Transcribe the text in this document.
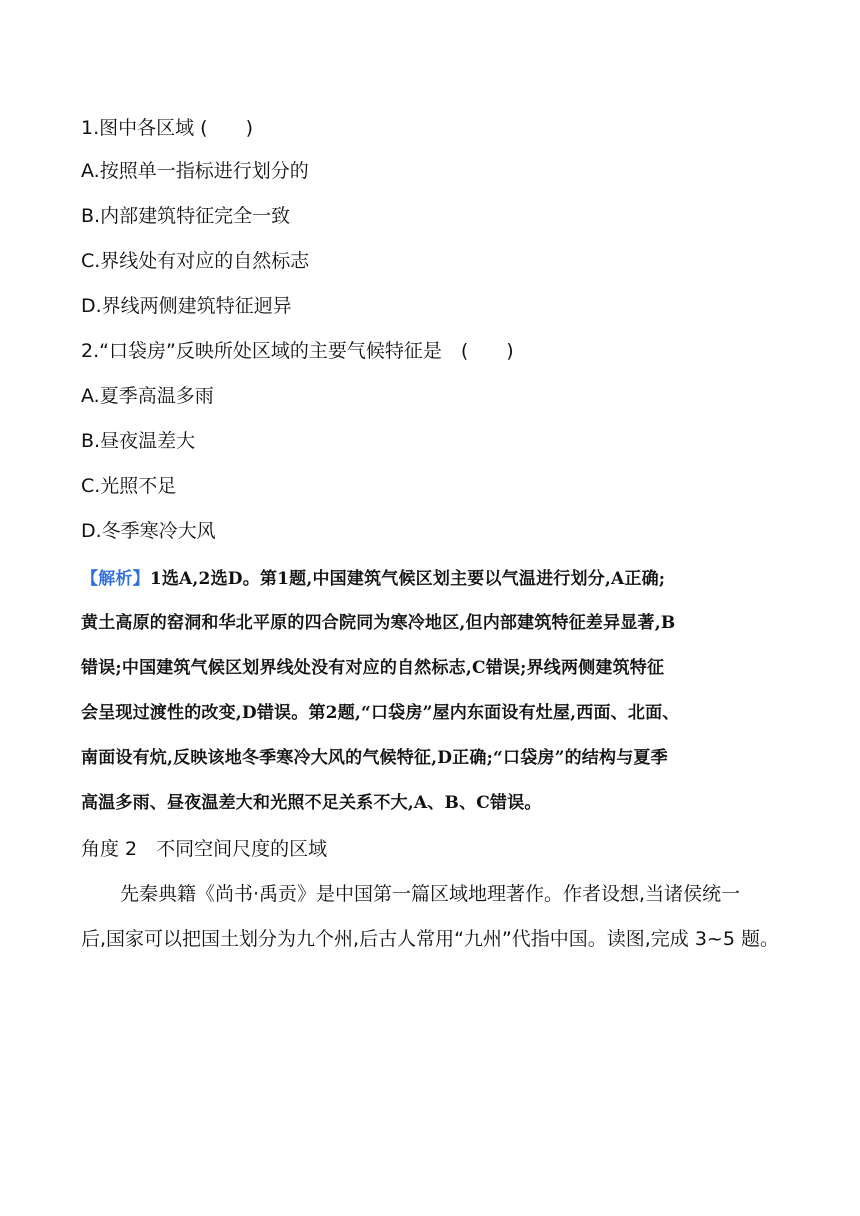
1.图中各区域 (　　)
A.按照单一指标进行划分的
B.内部建筑特征完全一致
C.界线处有对应的自然标志
D.界线两侧建筑特征迥异
2.“口袋房”反映所处区域的主要气候特征是　(　　)
A.夏季高温多雨
B.昼夜温差大
C.光照不足
D.冬季寒冷大风
【解析】1选A,2选D。第1题,中国建筑气候区划主要以气温进行划分,A正确;
黄土高原的窑洞和华北平原的四合院同为寒冷地区,但内部建筑特征差异显著,B
错误;中国建筑气候区划界线处没有对应的自然标志,C错误;界线两侧建筑特征
会呈现过渡性的改变,D错误。第2题,“口袋房”屋内东面设有灶屋,西面、北面、
南面设有炕,反映该地冬季寒冷大风的气候特征,D正确;“口袋房”的结构与夏季
高温多雨、昼夜温差大和光照不足关系不大,A、B、C错误。
角度 2　不同空间尺度的区域
先秦典籍《尚书·禹贡》是中国第一篇区域地理著作。作者设想,当诸侯统一
后,国家可以把国土划分为九个州,后古人常用“九州”代指中国。读图,完成 3~5 题。
